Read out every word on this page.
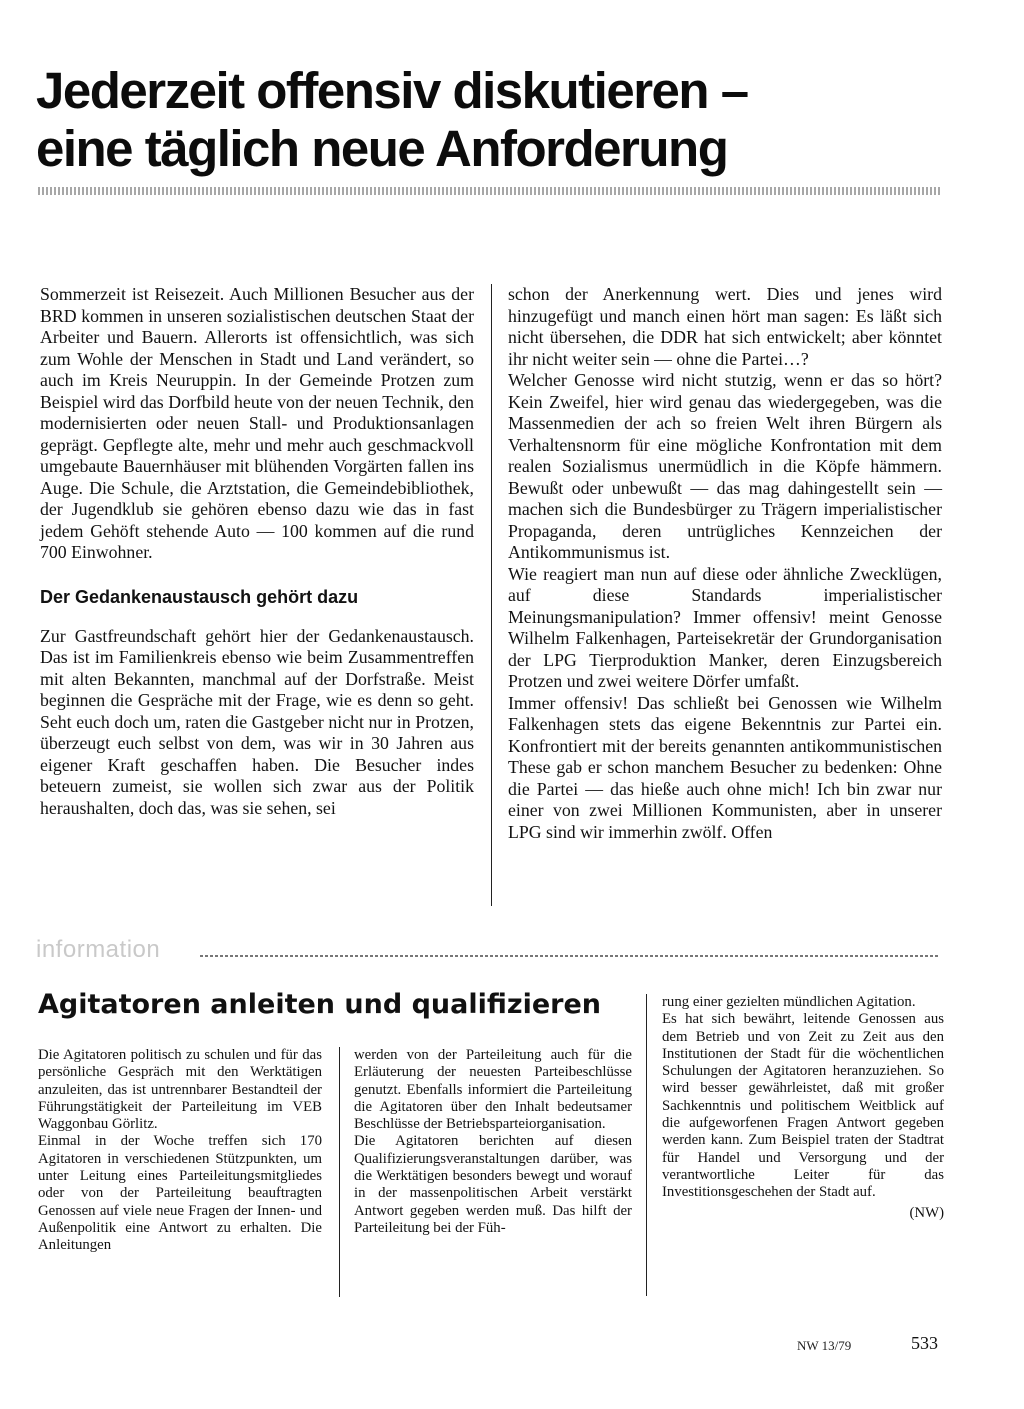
Jederzeit offensiv diskutieren –
eine täglich neue Anforderung

Sommerzeit ist Reisezeit. Auch Millionen Besucher aus der BRD kommen in unseren sozialistischen deutschen Staat der Arbeiter und Bauern. Allerorts ist offensichtlich, was sich zum Wohle der Menschen in Stadt und Land verändert, so auch im Kreis Neuruppin. In der Gemeinde Protzen zum Beispiel wird das Dorfbild heute von der neuen Technik, den modernisierten oder neuen Stall- und Produktionsanlagen geprägt. Gepflegte alte, mehr und mehr auch geschmackvoll umgebaute Bauernhäuser mit blühenden Vorgärten fallen ins Auge. Die Schule, die Arztstation, die Gemeindebibliothek, der Jugendklub sie gehören ebenso dazu wie das in fast jedem Gehöft stehende Auto — 100 kommen auf die rund 700 Einwohner.

Der Gedankenaustausch gehört dazu

Zur Gastfreundschaft gehört hier der Gedankenaustausch. Das ist im Familienkreis ebenso wie beim Zusammentreffen mit alten Bekannten, manchmal auf der Dorfstraße. Meist beginnen die Gespräche mit der Frage, wie es denn so geht. Seht euch doch um, raten die Gastgeber nicht nur in Protzen, überzeugt euch selbst von dem, was wir in 30 Jahren aus eigener Kraft geschaffen haben. Die Besucher indes beteuern zumeist, sie wollen sich zwar aus der Politik heraushalten, doch das, was sie sehen, sei

schon der Anerkennung wert. Dies und jenes wird hinzugefügt und manch einen hört man sagen: Es läßt sich nicht übersehen, die DDR hat sich entwickelt; aber könntet ihr nicht weiter sein — ohne die Partei…?

Welcher Genosse wird nicht stutzig, wenn er das so hört? Kein Zweifel, hier wird genau das wiedergegeben, was die Massenmedien der ach so freien Welt ihren Bürgern als Verhaltensnorm für eine mögliche Konfrontation mit dem realen Sozialismus unermüdlich in die Köpfe hämmern. Bewußt oder unbewußt — das mag dahingestellt sein — machen sich die Bundesbürger zu Trägern imperialistischer Propaganda, deren untrügliches Kennzeichen der Antikommunismus ist.

Wie reagiert man nun auf diese oder ähnliche Zwecklügen, auf diese Standards imperialistischer Meinungsmanipulation? Immer offensiv! meint Genosse Wilhelm Falkenhagen, Parteisekretär der Grundorganisation der LPG Tierproduktion Manker, deren Einzugsbereich Protzen und zwei weitere Dörfer umfaßt.

Immer offensiv! Das schließt bei Genossen wie Wilhelm Falkenhagen stets das eigene Bekenntnis zur Partei ein. Konfrontiert mit der bereits genannten antikommunistischen These gab er schon manchem Besucher zu bedenken: Ohne die Partei — das hieße auch ohne mich! Ich bin zwar nur einer von zwei Millionen Kommunisten, aber in unserer LPG sind wir immerhin zwölf. Offen

information
Agitatoren anleiten und qualifizieren

Die Agitatoren politisch zu schulen und für das persönliche Gespräch mit den Werktätigen anzuleiten, das ist untrennbarer Bestandteil der Führungstätigkeit der Parteileitung im VEB Waggonbau Görlitz.

Einmal in der Woche treffen sich 170 Agitatoren in verschiedenen Stützpunkten, um unter Leitung eines Parteileitungsmitgliedes oder von der Parteileitung beauftragten Genossen auf viele neue Fragen der Innen- und Außenpolitik eine Antwort zu erhalten. Die Anleitungen

werden von der Parteileitung auch für die Erläuterung der neuesten Parteibeschlüsse genutzt. Ebenfalls informiert die Parteileitung die Agitatoren über den Inhalt bedeutsamer Beschlüsse der Betriebsparteiorganisation.

Die Agitatoren berichten auf diesen Qualifizierungsveranstaltungen darüber, was die Werktätigen besonders bewegt und worauf in der massenpolitischen Arbeit verstärkt Antwort gegeben werden muß. Das hilft der Parteileitung bei der Füh-

rung einer gezielten mündlichen Agitation.

Es hat sich bewährt, leitende Genossen aus dem Betrieb und von Zeit zu Zeit aus den Institutionen der Stadt für die wöchentlichen Schulungen der Agitatoren heranzuziehen. So wird besser gewährleistet, daß mit großer Sachkenntnis und politischem Weitblick auf die aufgeworfenen Fragen Antwort gegeben werden kann. Zum Beispiel traten der Stadtrat für Handel und Versorgung und der verantwortliche Leiter für das Investitionsgeschehen der Stadt auf.

(NW)

NW 13/79	533
